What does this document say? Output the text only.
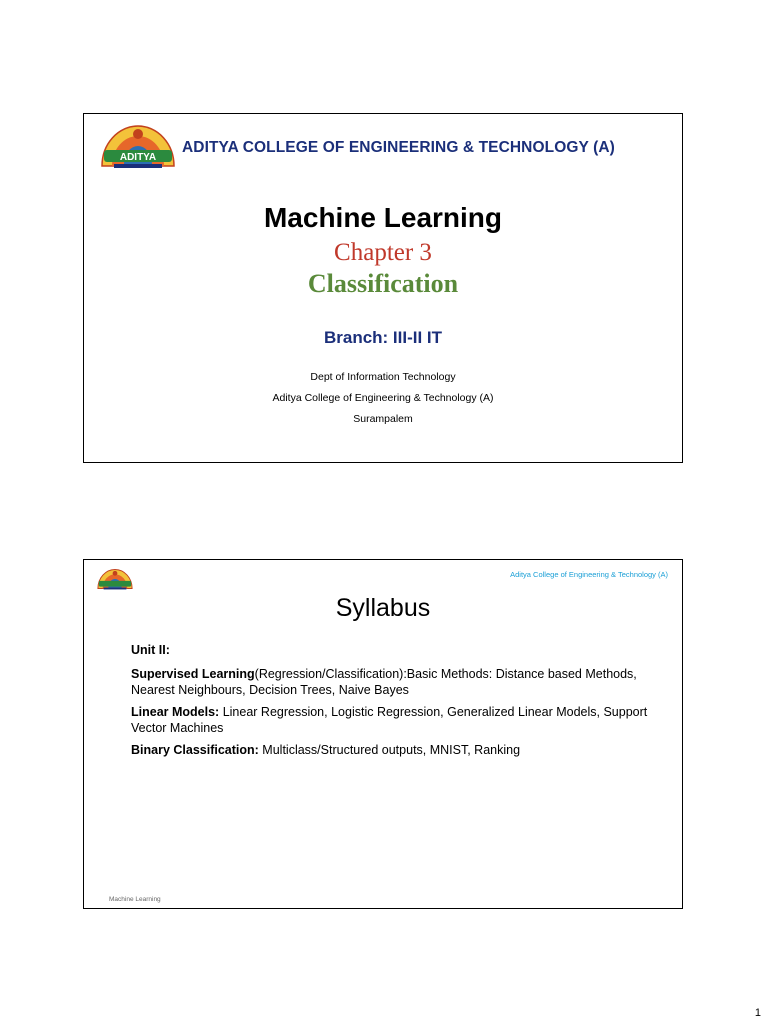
ADITYA
ADITYA COLLEGE OF ENGINEERING & TECHNOLOGY (A)
Machine Learning
Chapter 3
Classification
Branch: III-II IT
Dept of Information Technology
Aditya College of Engineering & Technology (A)
Surampalem
Aditya College of Engineering & Technology (A)
Syllabus

Unit II:

Supervised Learning(Regression/Classification):Basic Methods: Distance based Methods, Nearest Neighbours, Decision Trees, Naive Bayes

Linear Models: Linear Regression, Logistic Regression, Generalized Linear Models, Support Vector Machines

Binary Classification: Multiclass/Structured outputs, MNIST, Ranking

Machine Learning
1
